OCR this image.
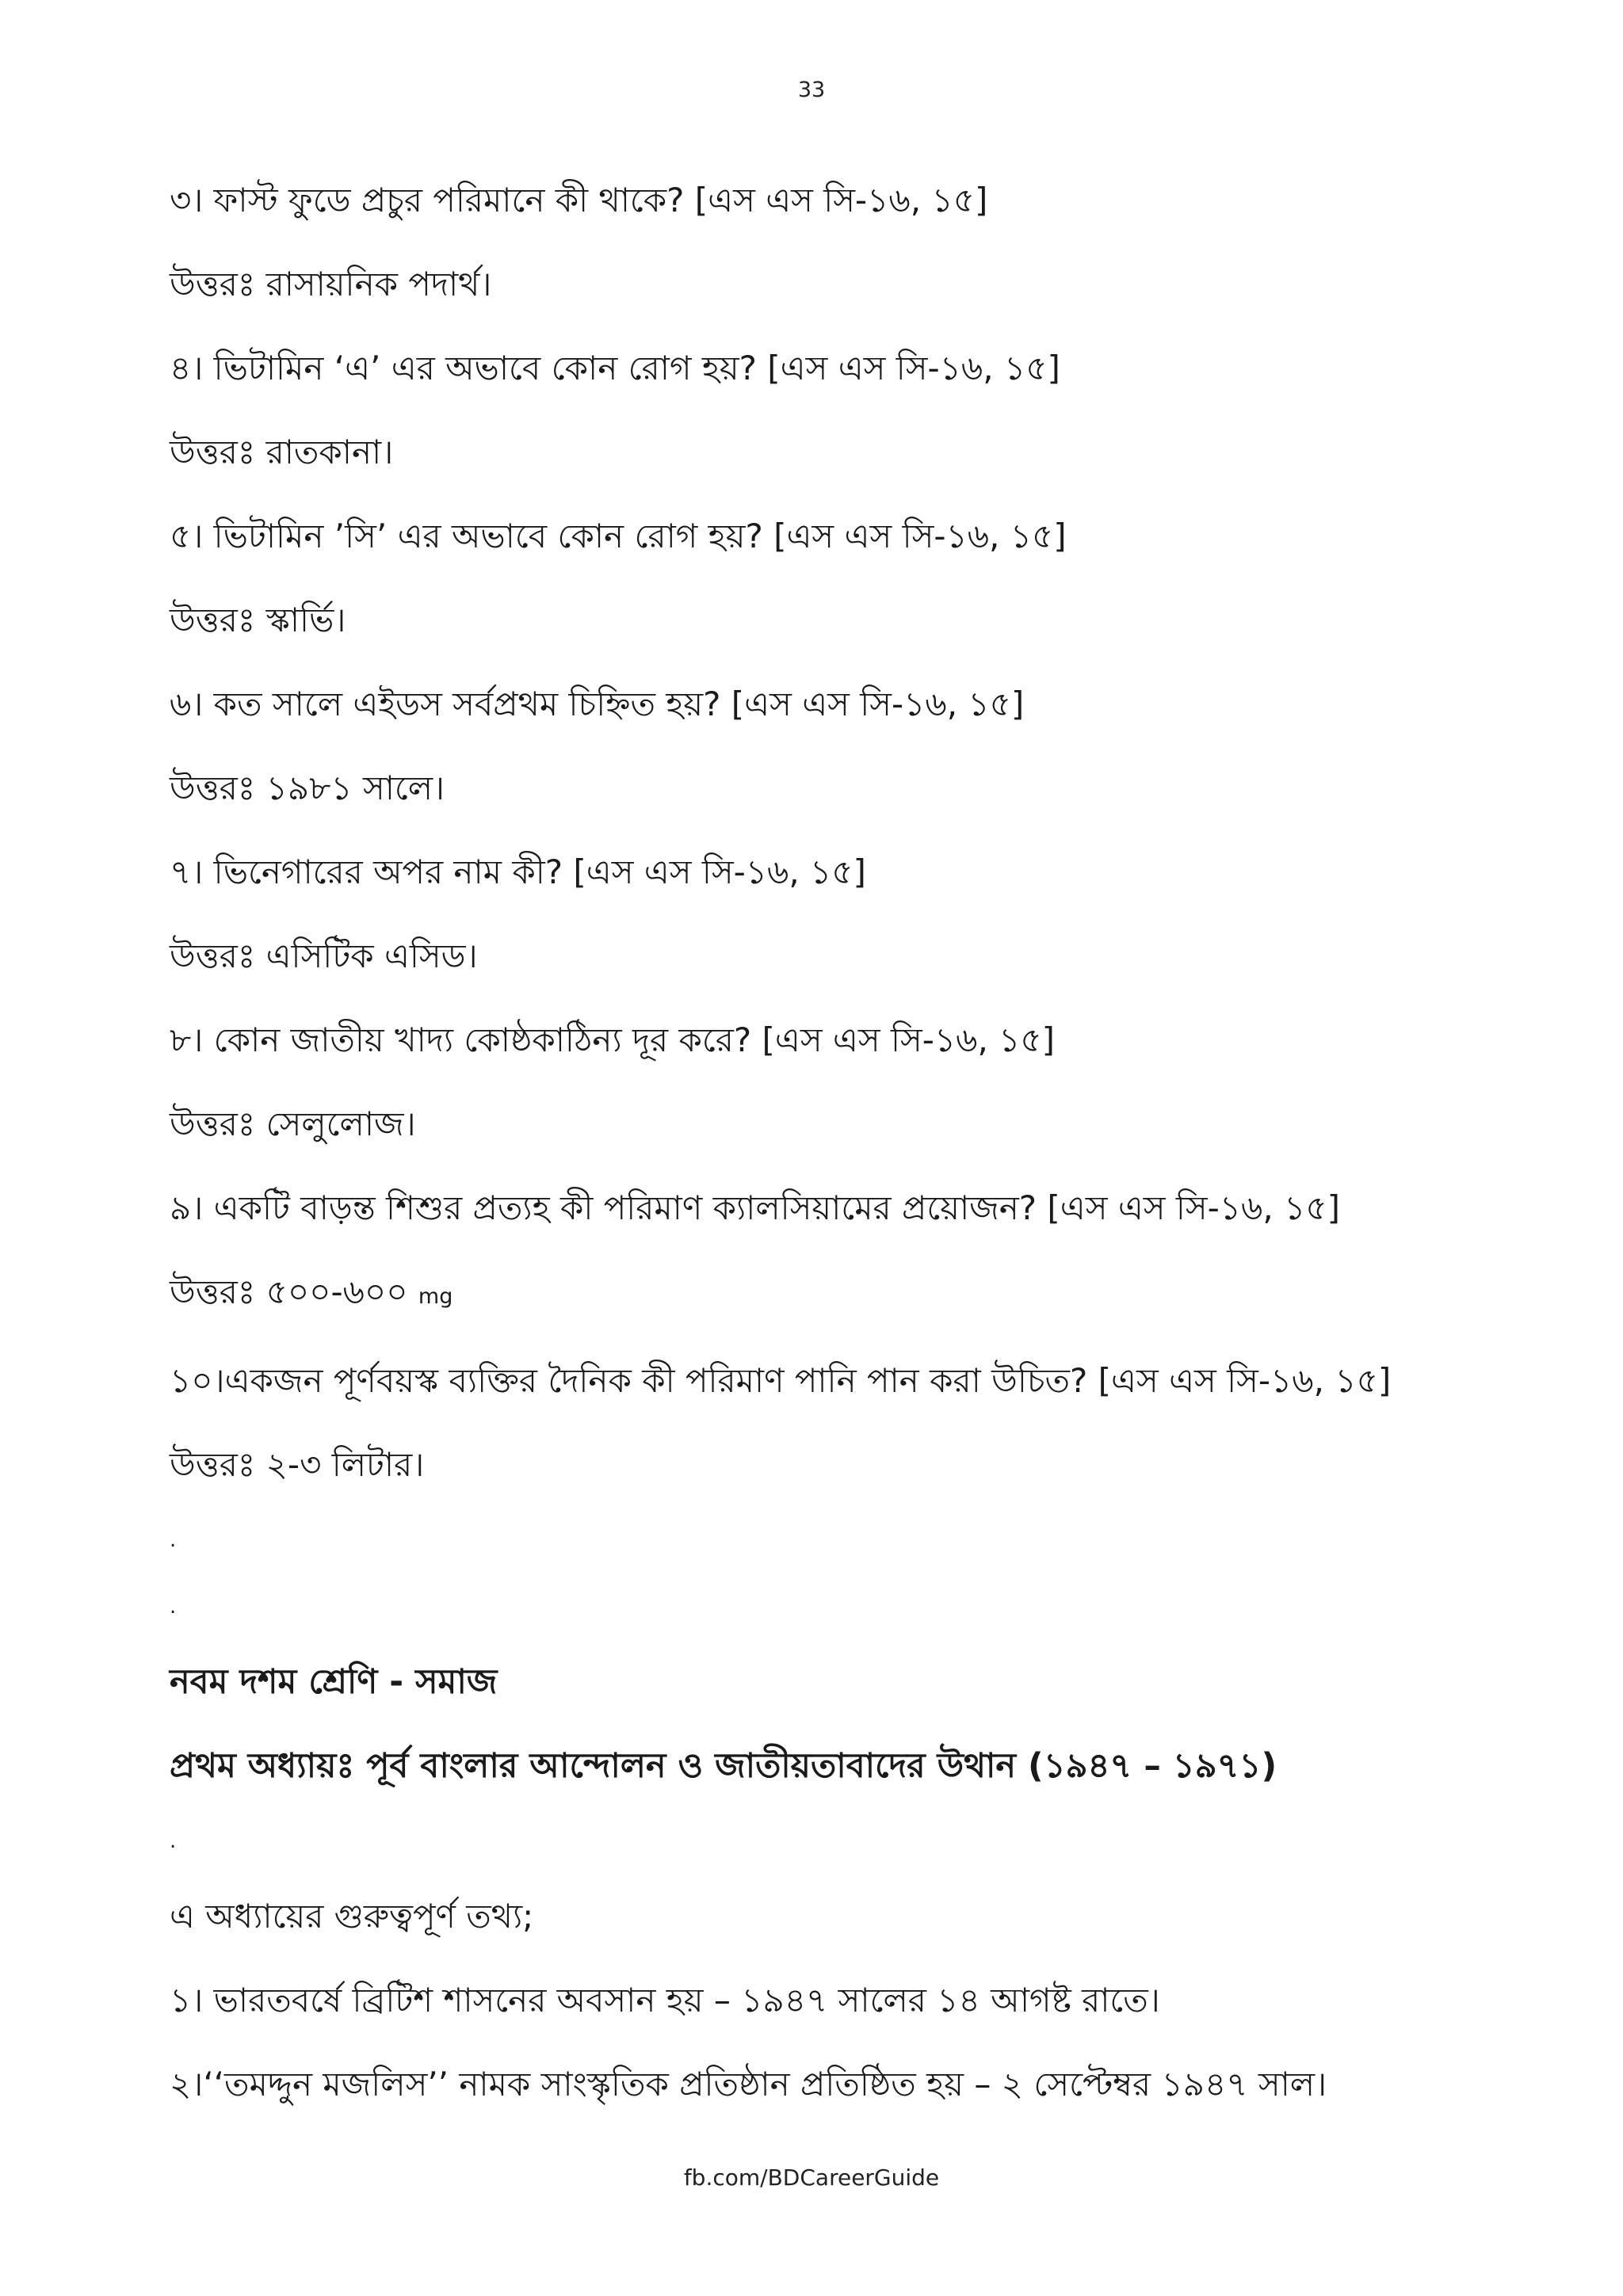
33
৩। ফাস্ট ফুডে প্রচুর পরিমানে কী থাকে? [এস এস সি-১৬, ১৫]
উত্তরঃ রাসায়নিক পদার্থ।
৪। ভিটামিন ‘এ’ এর অভাবে কোন রোগ হয়? [এস এস সি-১৬, ১৫]
উত্তরঃ রাতকানা।
৫। ভিটামিন ’সি’ এর অভাবে কোন রোগ হয়? [এস এস সি-১৬, ১৫]
উত্তরঃ স্কার্ভি।
৬। কত সালে এইডস সর্বপ্রথম চিহ্নিত হয়? [এস এস সি-১৬, ১৫]
উত্তরঃ ১৯৮১ সালে।
৭। ভিনেগারের অপর নাম কী? [এস এস সি-১৬, ১৫]
উত্তরঃ এসিটিক এসিড।
৮। কোন জাতীয় খাদ্য কোষ্ঠকাঠিন্য দূর করে? [এস এস সি-১৬, ১৫]
উত্তরঃ সেলুলোজ।
৯। একটি বাড়ন্ত শিশুর প্রত্যহ কী পরিমাণ ক্যালসিয়ামের প্রয়োজন? [এস এস সি-১৬, ১৫]
উত্তরঃ ৫০০-৬০০ mg
১০।একজন পূর্ণবয়স্ক ব্যক্তির দৈনিক কী পরিমাণ পানি পান করা উচিত? [এস এস সি-১৬, ১৫]
উত্তরঃ ২-৩ লিটার।
.
.
নবম দশম শ্রেণি - সমাজ
প্রথম অধ্যায়ঃ পূর্ব বাংলার আন্দোলন ও জাতীয়তাবাদের উথান (১৯৪৭ – ১৯৭১)
.
এ অধ্যায়ের গুরুত্বপূর্ণ তথ্য;
১। ভারতবর্ষে ব্রিটিশ শাসনের অবসান হয় – ১৯৪৭ সালের ১৪ আগষ্ট রাতে।
২।‘‘তমদ্দুন মজলিস’’ নামক সাংস্কৃতিক প্রতিষ্ঠান প্রতিষ্ঠিত হয় – ২ সেপ্টেম্বর ১৯৪৭ সাল।
fb.com/BDCareerGuide
